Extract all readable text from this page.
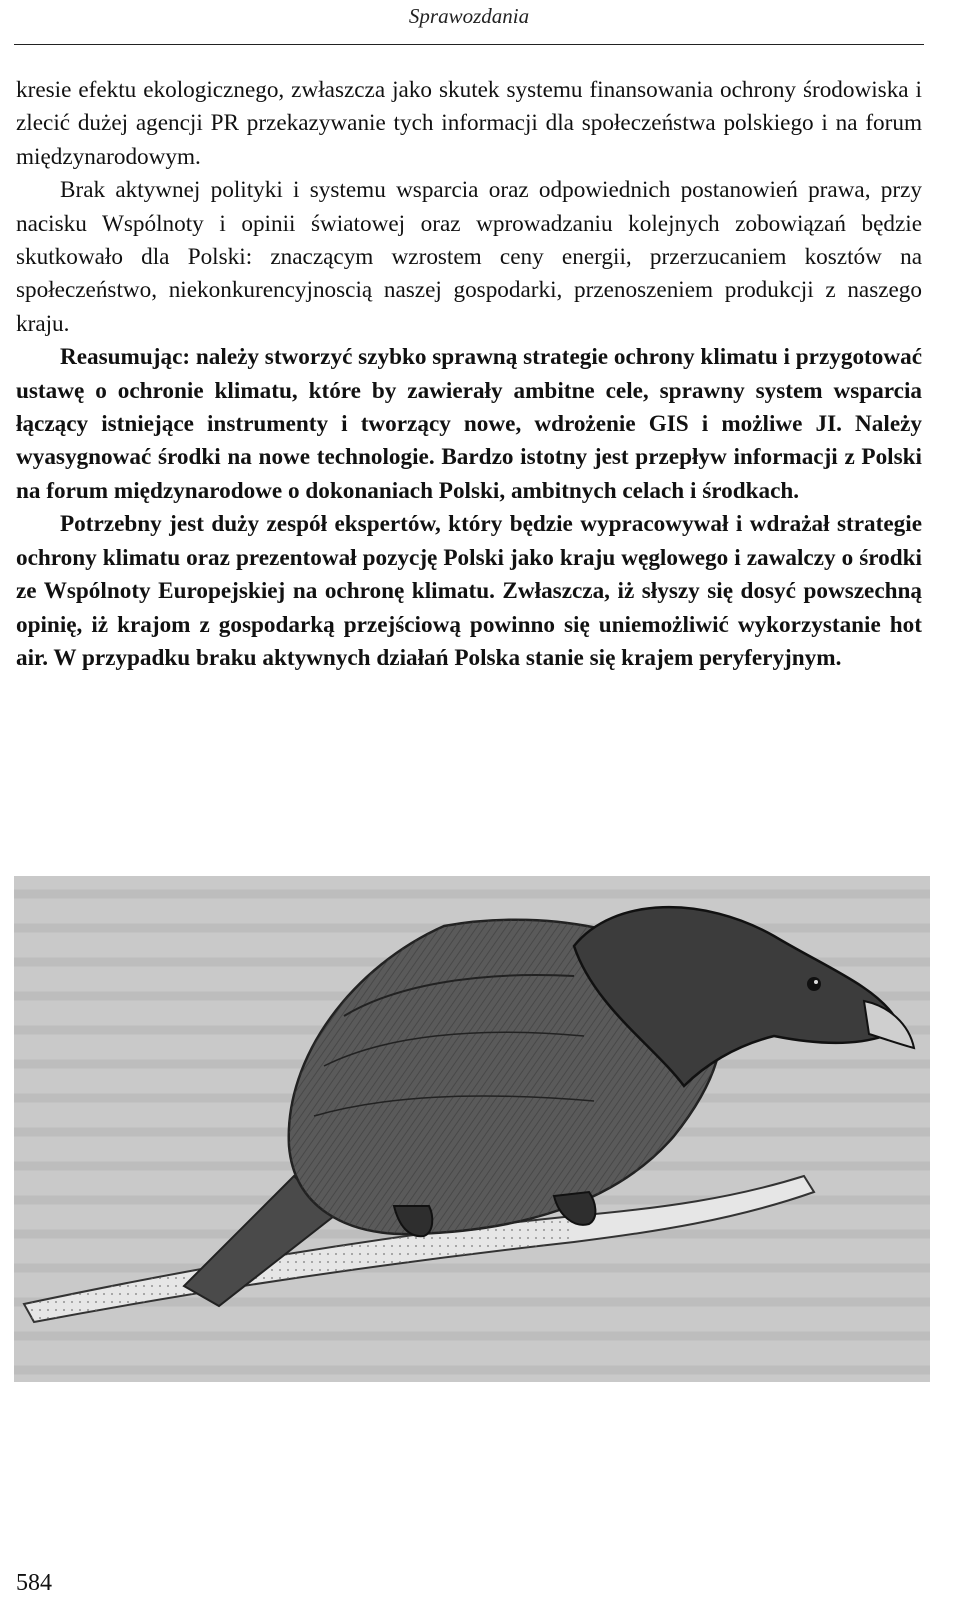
Sprawozdania

kresie efektu ekologicznego, zwłaszcza jako skutek systemu finansowania ochrony środowiska i zlecić dużej agencji PR przekazywanie tych informacji dla społeczeństwa polskiego i na forum międzynarodowym.

Brak aktywnej polityki i systemu wsparcia oraz odpowiednich postanowień prawa, przy nacisku Wspólnoty i opinii światowej oraz wprowadzaniu kolejnych zobowiązań będzie skutkowało dla Polski: znaczącym wzrostem ceny energii, przerzucaniem kosztów na społeczeństwo, niekonkurencyjnoscią naszej gospodarki, przenoszeniem produkcji z naszego kraju.

Reasumując: należy stworzyć szybko sprawną strategie ochrony klimatu i przygotować ustawę o ochronie klimatu, które by zawierały ambitne cele, sprawny system wsparcia łączący istniejące instrumenty i tworzący nowe, wdrożenie GIS i możliwe JI. Należy wyasygnować środki na nowe technologie. Bardzo istotny jest przepływ informacji z Polski na forum międzynarodowe o dokonaniach Polski, ambitnych celach i środkach.

Potrzebny jest duży zespół ekspertów, który będzie wypracowywał i wdrażał strategie ochrony klimatu oraz prezentował pozycję Polski jako kraju węglowego i zawalczy o środki ze Wspólnoty Europejskiej na ochronę klimatu. Zwłaszcza, iż słyszy się dosyć powszechną opinię, iż krajom z gospodarką przejściową powinno się uniemożliwić wykorzystanie hot air. W przypadku braku aktywnych działań Polska stanie się krajem peryferyjnym.

584
